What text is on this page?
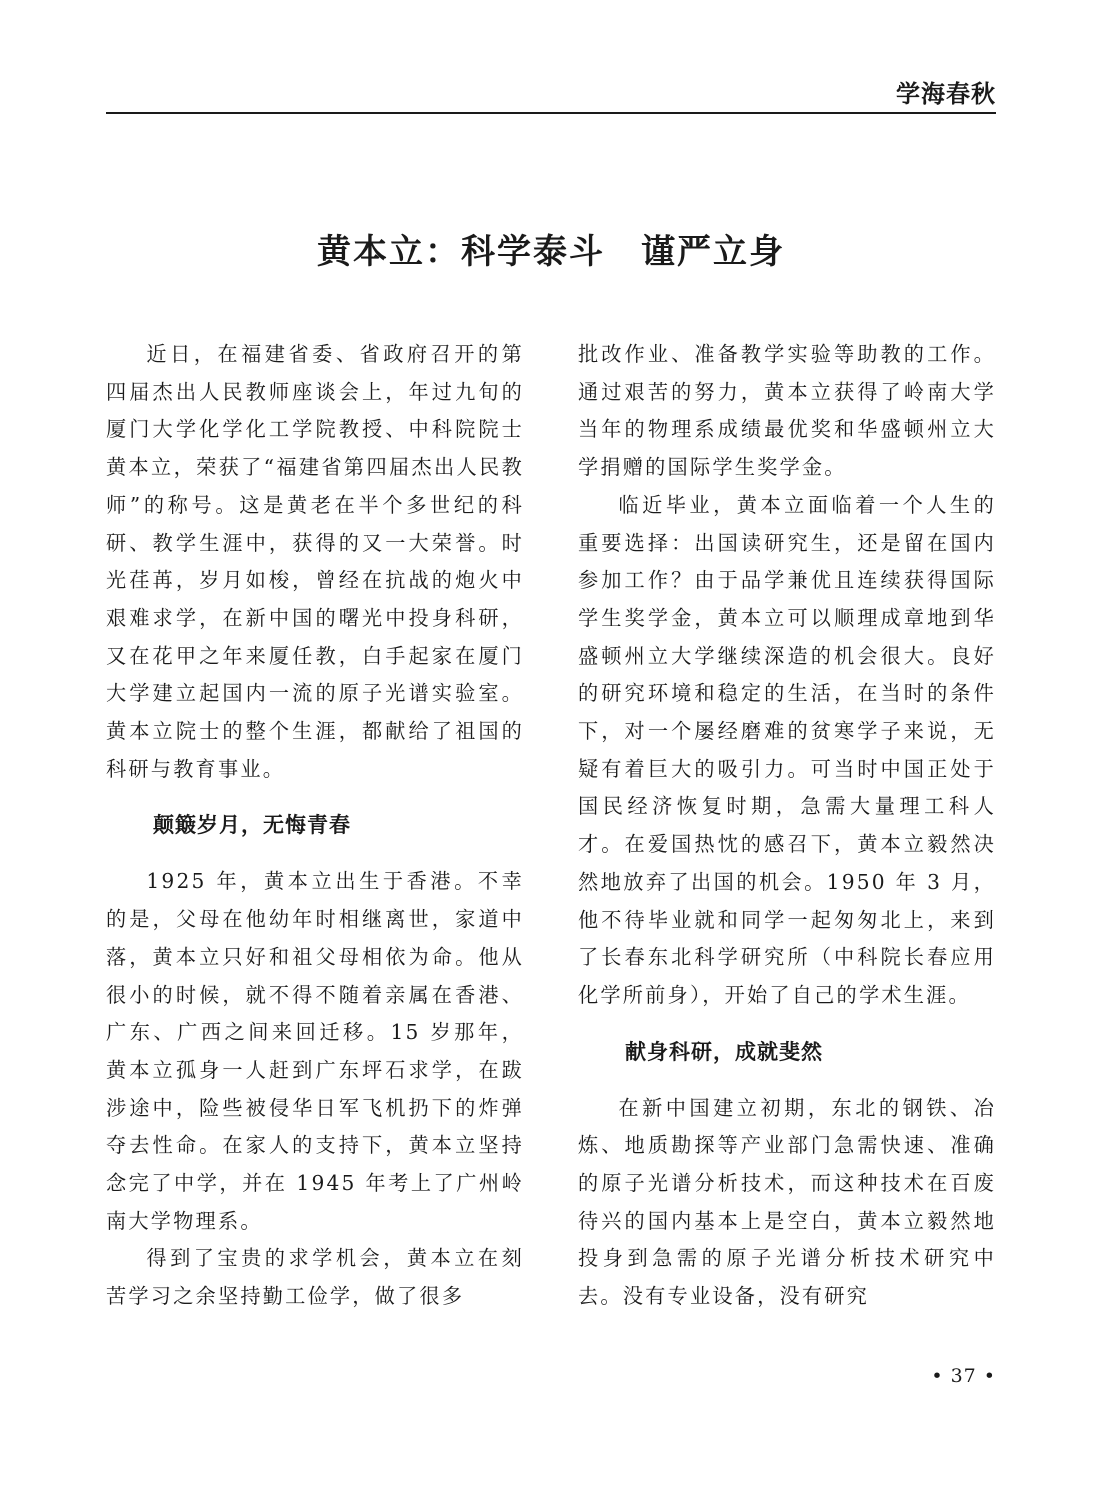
学海春秋
黄本立：科学泰斗　谨严立身

近日，在福建省委、省政府召开的第四届杰出人民教师座谈会上，年过九旬的厦门大学化学化工学院教授、中科院院士黄本立，荣获了“福建省第四届杰出人民教师”的称号。这是黄老在半个多世纪的科研、教学生涯中，获得的又一大荣誉。时光荏苒，岁月如梭，曾经在抗战的炮火中艰难求学，在新中国的曙光中投身科研，又在花甲之年来厦任教，白手起家在厦门大学建立起国内一流的原子光谱实验室。黄本立院士的整个生涯，都献给了祖国的科研与教育事业。

颠簸岁月，无悔青春

1925 年，黄本立出生于香港。不幸的是，父母在他幼年时相继离世，家道中落，黄本立只好和祖父母相依为命。他从很小的时候，就不得不随着亲属在香港、广东、广西之间来回迁移。15 岁那年，黄本立孤身一人赶到广东坪石求学，在跋涉途中，险些被侵华日军飞机扔下的炸弹夺去性命。在家人的支持下，黄本立坚持念完了中学，并在 1945 年考上了广州岭南大学物理系。

得到了宝贵的求学机会，黄本立在刻苦学习之余坚持勤工俭学，做了很多

批改作业、准备教学实验等助教的工作。通过艰苦的努力，黄本立获得了岭南大学当年的物理系成绩最优奖和华盛顿州立大学捐赠的国际学生奖学金。

临近毕业，黄本立面临着一个人生的重要选择：出国读研究生，还是留在国内参加工作？由于品学兼优且连续获得国际学生奖学金，黄本立可以顺理成章地到华盛顿州立大学继续深造的机会很大。良好的研究环境和稳定的生活，在当时的条件下，对一个屡经磨难的贫寒学子来说，无疑有着巨大的吸引力。可当时中国正处于国民经济恢复时期，急需大量理工科人才。在爱国热忱的感召下，黄本立毅然决然地放弃了出国的机会。1950 年 3 月，他不待毕业就和同学一起匆匆北上，来到了长春东北科学研究所（中科院长春应用化学所前身），开始了自己的学术生涯。

献身科研，成就斐然

在新中国建立初期，东北的钢铁、冶炼、地质勘探等产业部门急需快速、准确的原子光谱分析技术，而这种技术在百废待兴的国内基本上是空白，黄本立毅然地投身到急需的原子光谱分析技术研究中去。没有专业设备，没有研究

• 37 •
